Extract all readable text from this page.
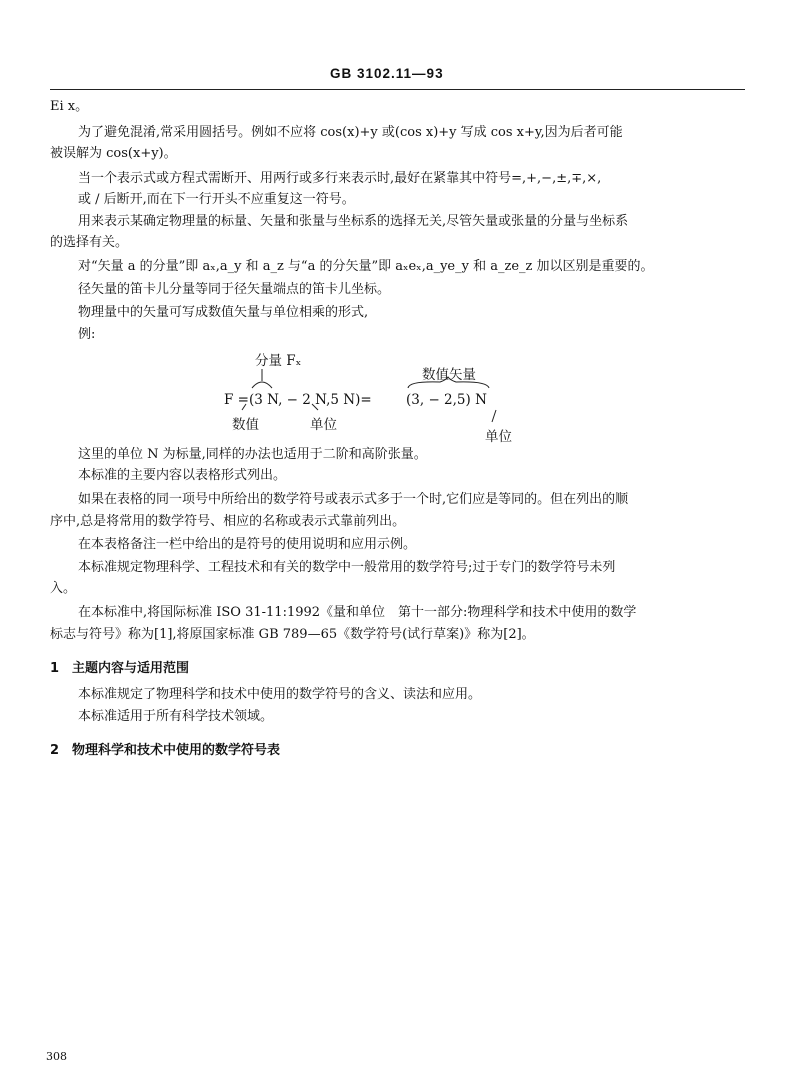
GB 3102.11—93
Ei x。
为了避免混淆,常采用圆括号。例如不应将 cos(x)+y 或(cos x)+y 写成 cos x+y,因为后者可能
被误解为 cos(x+y)。
当一个表示式或方程式需断开、用两行或多行来表示时,最好在紧靠其中符号=,+,−,±,∓,×,
或 / 后断开,而在下一行开头不应重复这一符号。
用来表示某确定物理量的标量、矢量和张量与坐标系的选择无关,尽管矢量或张量的分量与坐标系
的选择有关。
对“矢量 a 的分量”即 aₓ,a_y 和 a_z 与“a 的分矢量”即 aₓeₓ,a_ye_y 和 a_ze_z 加以区别是重要的。
径矢量的笛卡儿分量等同于径矢量端点的笛卡儿坐标。
物理量中的矢量可写成数值矢量与单位相乘的形式,
例:
分量 Fₓ
数值矢量
F =(3 N, − 2 N,5 N)=	(3, − 2,5) N
数值	单位
单位
这里的单位 N 为标量,同样的办法也适用于二阶和高阶张量。
本标准的主要内容以表格形式列出。
如果在表格的同一项号中所给出的数学符号或表示式多于一个时,它们应是等同的。但在列出的顺
序中,总是将常用的数学符号、相应的名称或表示式靠前列出。
在本表格备注一栏中给出的是符号的使用说明和应用示例。
本标准规定物理科学、工程技术和有关的数学中一般常用的数学符号;过于专门的数学符号未列
入。
在本标准中,将国际标准 ISO 31-11:1992《量和单位　第十一部分:物理科学和技术中使用的数学
标志与符号》称为[1],将原国家标准 GB 789—65《数学符号(试行草案)》称为[2]。
1　主题内容与适用范围
本标准规定了物理科学和技术中使用的数学符号的含义、读法和应用。
本标准适用于所有科学技术领域。
2　物理科学和技术中使用的数学符号表
308
